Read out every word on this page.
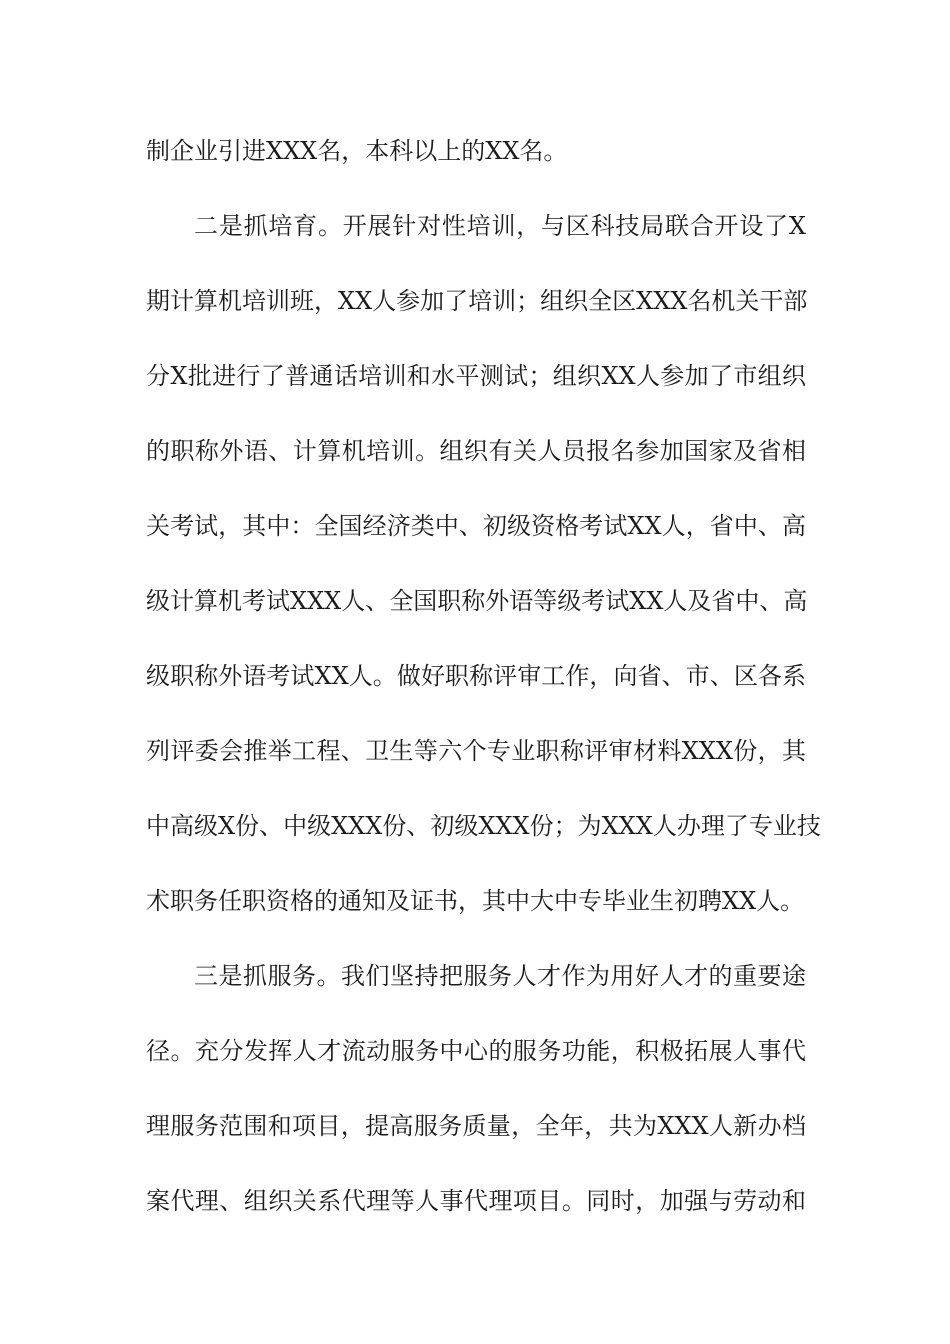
制企业引进XXX名，本科以上的XX名。
二是抓培育。开展针对性培训，与区科技局联合开设了X
期计算机培训班，XX人参加了培训；组织全区XXX名机关干部
分X批进行了普通话培训和水平测试；组织XX人参加了市组织
的职称外语、计算机培训。组织有关人员报名参加国家及省相
关考试，其中：全国经济类中、初级资格考试XX人，省中、高
级计算机考试XXX人、全国职称外语等级考试XX人及省中、高
级职称外语考试XX人。做好职称评审工作，向省、市、区各系
列评委会推举工程、卫生等六个专业职称评审材料XXX份，其
中高级X份、中级XXX份、初级XXX份；为XXX人办理了专业技
术职务任职资格的通知及证书，其中大中专毕业生初聘XX人。
三是抓服务。我们坚持把服务人才作为用好人才的重要途
径。充分发挥人才流动服务中心的服务功能，积极拓展人事代
理服务范围和项目，提高服务质量，全年，共为XXX人新办档
案代理、组织关系代理等人事代理项目。同时，加强与劳动和
